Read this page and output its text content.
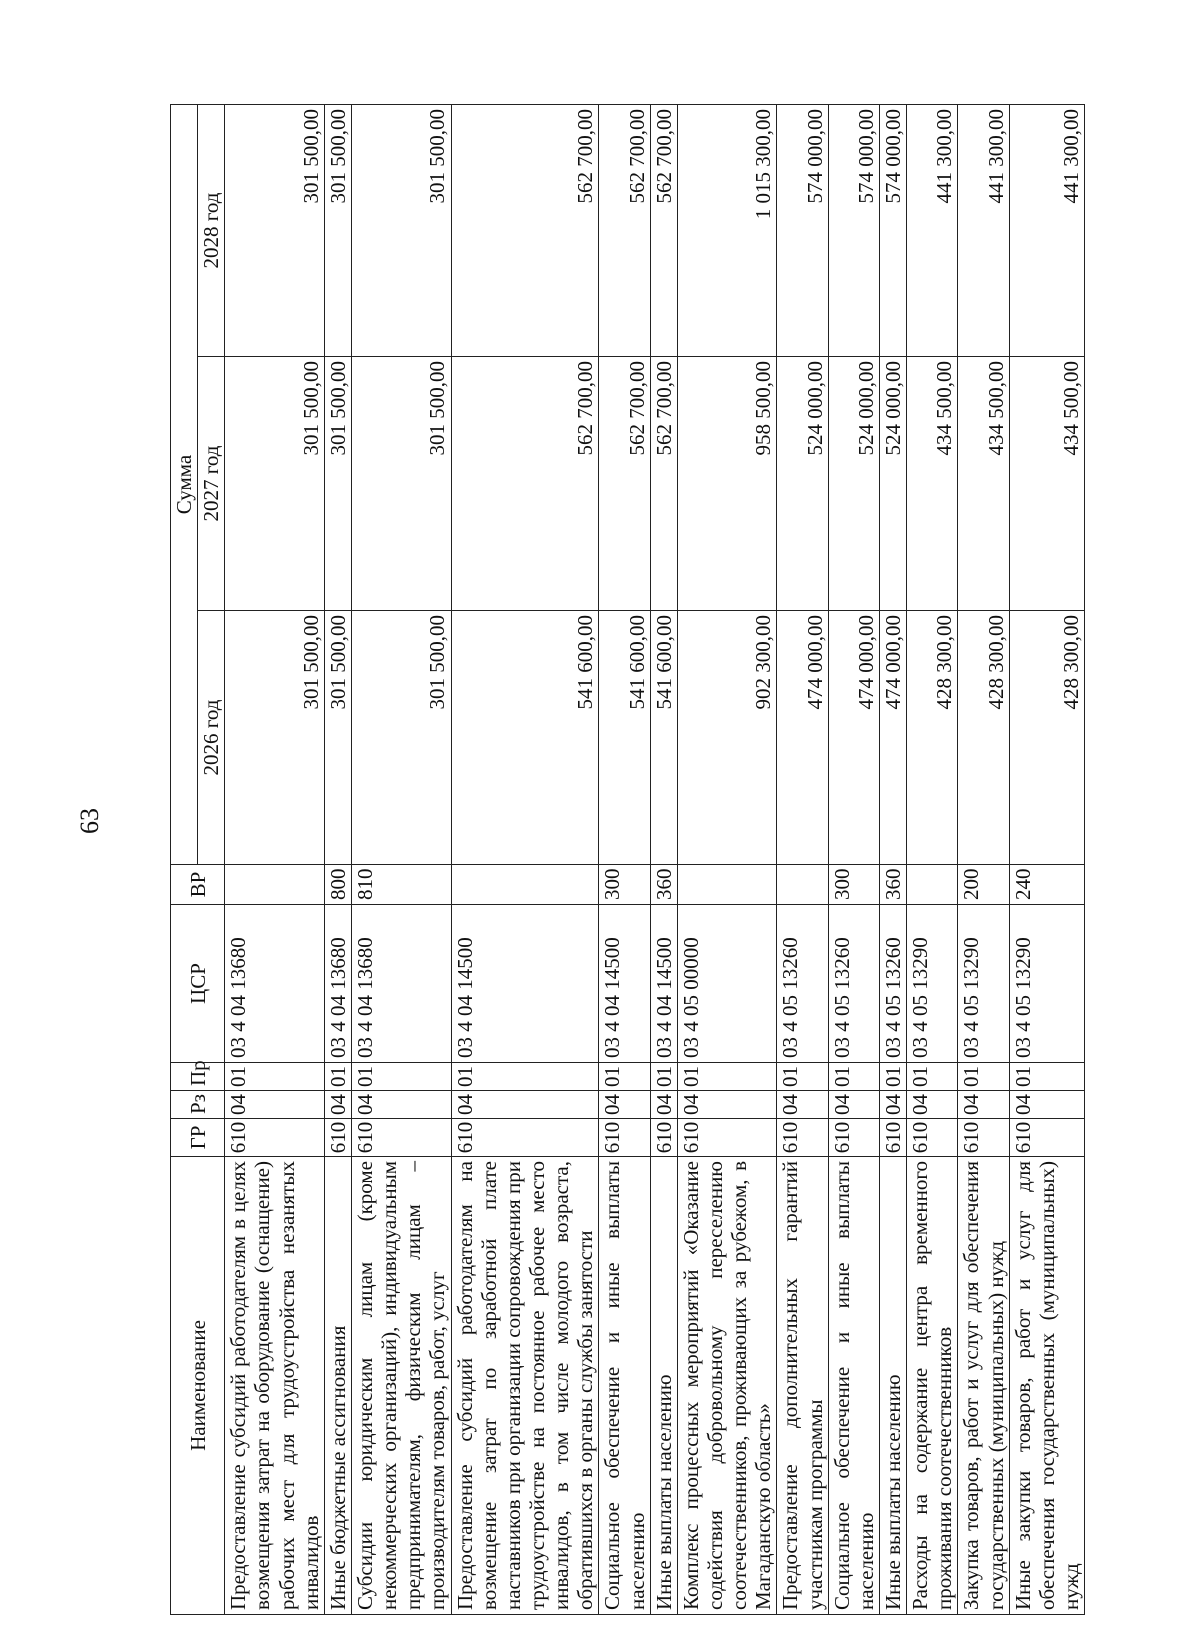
63
Наименование	ГР	Рз	Пр	ЦСР	ВР	Сумма		
						2026 год	2027 год	2028 год
Предоставление субсидий работодателям в целях возмещения затрат на оборудование (оснащение) рабочих мест для трудоустройства незанятых инвалидов	610	04	01	03 4 04 13680		301 500,00	301 500,00	301 500,00
Иные бюджетные ассигнования	610	04	01	03 4 04 13680	800	301 500,00	301 500,00	301 500,00
Субсидии юридическим лицам (кроме некоммерческих организаций), индивидуальным предпринимателям, физическим лицам – производителям товаров, работ, услуг	610	04	01	03 4 04 13680	810	301 500,00	301 500,00	301 500,00
Предоставление субсидий работодателям на возмещение затрат по заработной плате наставников при организации сопровождения при трудоустройстве на постоянное рабочее место инвалидов, в том числе молодого возраста, обратившихся в органы службы занятости	610	04	01	03 4 04 14500		541 600,00	562 700,00	562 700,00
Социальное обеспечение и иные выплаты населению	610	04	01	03 4 04 14500	300	541 600,00	562 700,00	562 700,00
Иные выплаты населению	610	04	01	03 4 04 14500	360	541 600,00	562 700,00	562 700,00
Комплекс процессных мероприятий «Оказание содействия добровольному переселению соотечественников, проживающих за рубежом, в Магаданскую область»	610	04	01	03 4 05 00000		902 300,00	958 500,00	1 015 300,00
Предоставление дополнительных гарантий участникам программы	610	04	01	03 4 05 13260		474 000,00	524 000,00	574 000,00
Социальное обеспечение и иные выплаты населению	610	04	01	03 4 05 13260	300	474 000,00	524 000,00	574 000,00
Иные выплаты населению	610	04	01	03 4 05 13260	360	474 000,00	524 000,00	574 000,00
Расходы на содержание центра временного проживания соотечественников	610	04	01	03 4 05 13290		428 300,00	434 500,00	441 300,00
Закупка товаров, работ и услуг для обеспечения государственных (муниципальных) нужд	610	04	01	03 4 05 13290	200	428 300,00	434 500,00	441 300,00
Иные закупки товаров, работ и услуг для обеспечения государственных (муниципальных) нужд	610	04	01	03 4 05 13290	240	428 300,00	434 500,00	441 300,00
